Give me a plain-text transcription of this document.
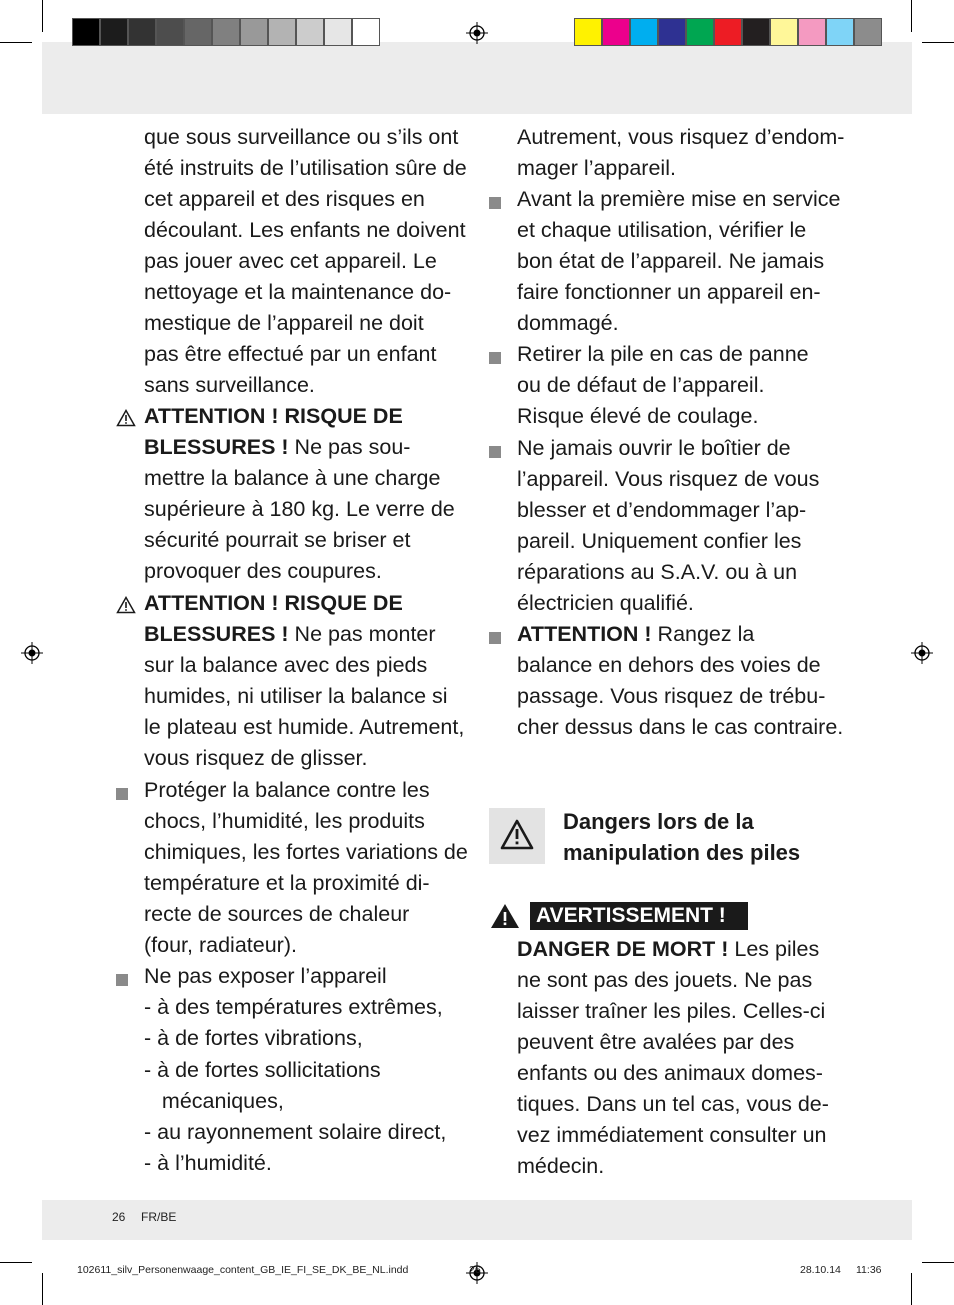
que sous surveillance ou s’ils ont
été instruits de l’utilisation sûre de
cet appareil et des risques en
découlant. Les enfants ne doivent
pas jouer avec cet appareil. Le
nettoyage et la maintenance do-
mestique de l’appareil ne doit
pas être effectué par un enfant
sans surveillance.
ATTENTION ! RISQUE DE
BLESSURES ! Ne pas sou-
mettre la balance à une charge
supérieure à 180 kg. Le verre de
sécurité pourrait se briser et
provoquer des coupures.
ATTENTION ! RISQUE DE
BLESSURES ! Ne pas monter
sur la balance avec des pieds
humides, ni utiliser la balance si
le plateau est humide. Autrement,
vous risquez de glisser.
Protéger la balance contre les
chocs, l’humidité, les produits
chimiques, les fortes variations de
température et la proximité di-
recte de sources de chaleur
(four, radiateur).
Ne pas exposer l’appareil
- à des températures extrêmes,
- à de fortes vibrations,
- à de fortes sollicitations
mécaniques,
- au rayonnement solaire direct,
- à l’humidité.
Autrement, vous risquez d’endom-
mager l’appareil.
Avant la première mise en service
et chaque utilisation, vérifier le
bon état de l’appareil. Ne jamais
faire fonctionner un appareil en-
dommagé.
Retirer la pile en cas de panne
ou de défaut de l’appareil.
Risque élevé de coulage.
Ne jamais ouvrir le boîtier de
l’appareil. Vous risquez de vous
blesser et d’endommager l’ap-
pareil. Uniquement confier les
réparations au S.A.V. ou à un
électricien qualifié.
ATTENTION ! Rangez la
balance en dehors des voies de
passage. Vous risquez de trébu-
cher dessus dans le cas contraire.
Dangers lors de la
manipulation des piles
AVERTISSEMENT !
DANGER DE MORT ! Les piles
ne sont pas des jouets. Ne pas
laisser traîner les piles. Celles-ci
peuvent être avalées par des
enfants ou des animaux domes-
tiques. Dans un tel cas, vous de-
vez immédiatement consulter un
médecin.
26 FR/BE
102611_silv_Personenwaage_content_GB_IE_FI_SE_DK_BE_NL.indd	26	28.10.14 11:36
